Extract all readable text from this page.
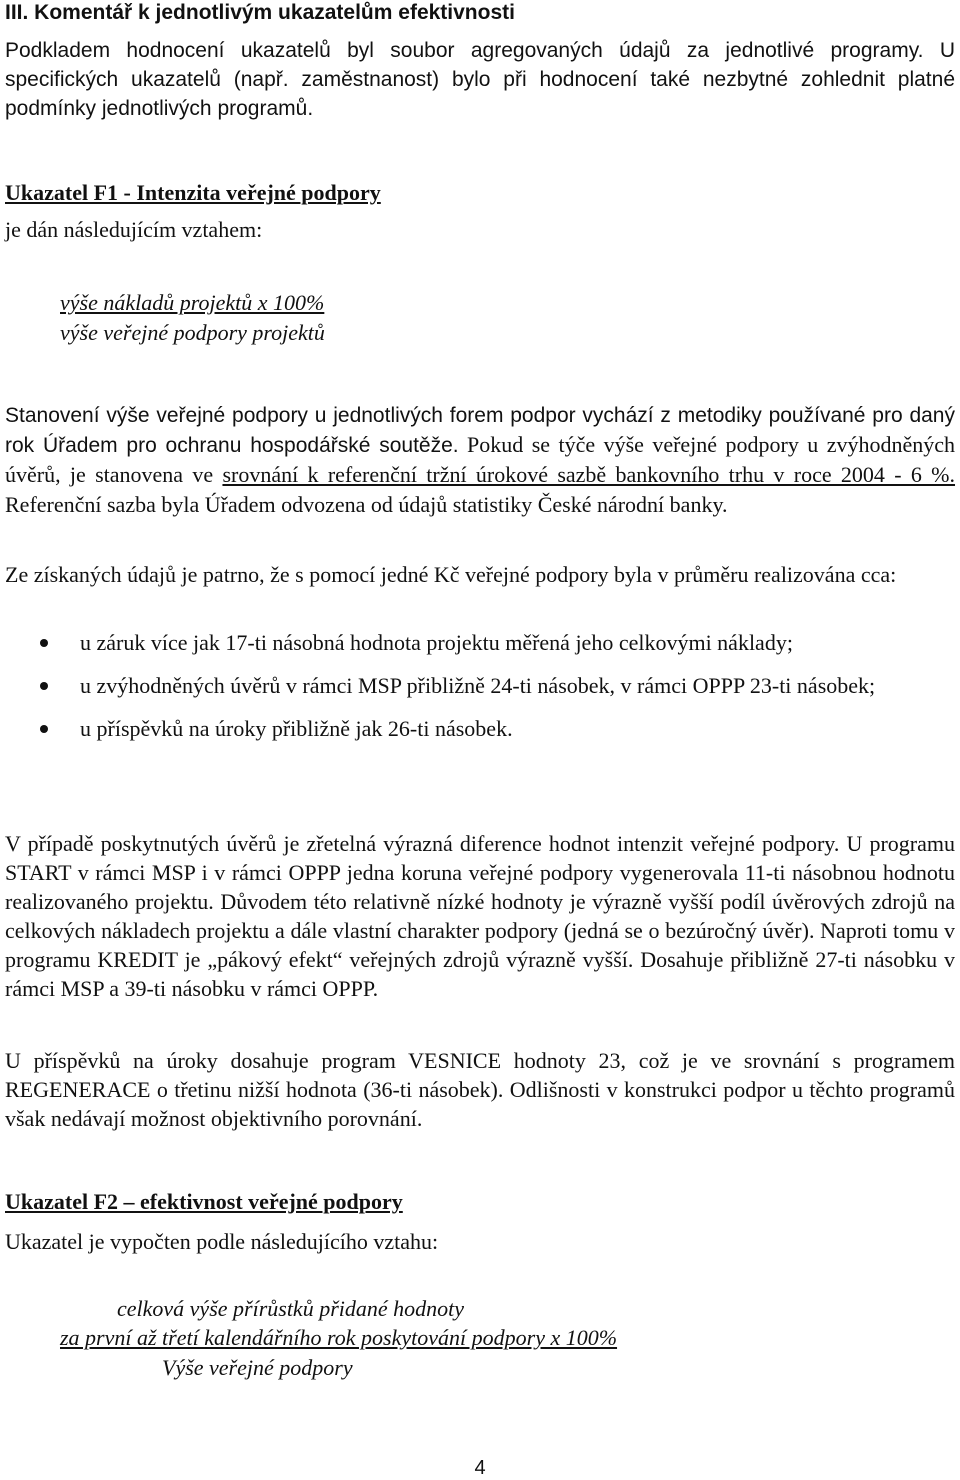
III. Komentář k jednotlivým ukazatelům efektivnosti

Podkladem hodnocení ukazatelů byl soubor agregovaných údajů za jednotlivé programy. U specifických ukazatelů (např. zaměstnanost) bylo při hodnocení také nezbytné zohlednit platné podmínky jednotlivých programů.

Ukazatel F1 - Intenzita veřejné podpory
je dán následujícím vztahem:
výše nákladů projektů x 100%
výše veřejné podpory projektů

Stanovení výše veřejné podpory u jednotlivých forem podpor vychází z metodiky používané pro daný rok Úřadem pro ochranu hospodářské soutěže. Pokud se týče výše veřejné podpory u zvýhodněných úvěrů, je stanovena ve srovnání k referenční tržní úrokové sazbě bankovního trhu v roce 2004 - 6 %. Referenční sazba byla Úřadem odvozena od údajů statistiky České národní banky.

Ze získaných údajů je patrno, že s pomocí jedné Kč veřejné podpory byla v průměru realizována cca:

u záruk více jak 17-ti násobná hodnota projektu měřená jeho celkovými náklady;
u zvýhodněných úvěrů v rámci MSP přibližně 24-ti násobek, v rámci OPPP 23-ti násobek;
u příspěvků na úroky přibližně jak 26-ti násobek.

V případě poskytnutých úvěrů je zřetelná výrazná diference hodnot intenzit veřejné podpory. U programu START v rámci MSP i v rámci OPPP jedna koruna veřejné podpory vygenerovala 11-ti násobnou hodnotu realizovaného projektu. Důvodem této relativně nízké hodnoty je výrazně vyšší podíl úvěrových zdrojů na celkových nákladech projektu a dále vlastní charakter podpory (jedná se o bezúročný úvěr). Naproti tomu v programu KREDIT je „pákový efekt“ veřejných zdrojů výrazně vyšší. Dosahuje přibližně 27-ti násobku v rámci MSP a 39-ti násobku v rámci OPPP.

U příspěvků na úroky dosahuje program VESNICE hodnoty 23, což je ve srovnání s programem REGENERACE o třetinu nižší hodnota (36-ti násobek). Odlišnosti v konstrukci podpor u těchto programů však nedávají možnost objektivního porovnání.

Ukazatel F2 – efektivnost veřejné podpory
Ukazatel je vypočten podle následujícího vztahu:
celková výše přírůstků přidané hodnoty
za první až třetí kalendářního rok poskytování podpory x 100%
Výše veřejné podpory
4
